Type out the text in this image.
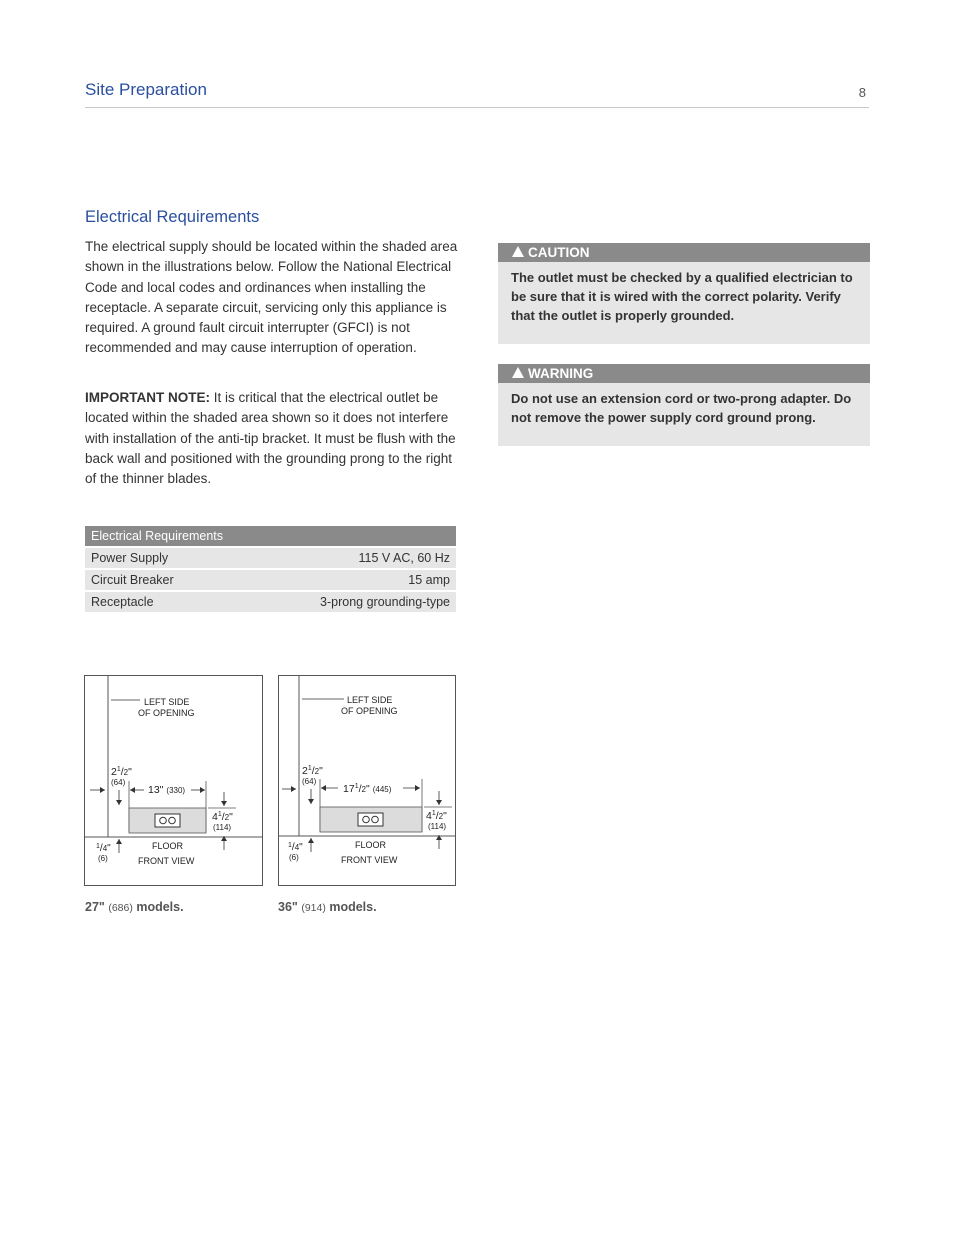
Site Preparation	8
Electrical Requirements
The electrical supply should be located within the shaded area shown in the illustrations below. Follow the National Electrical Code and local codes and ordinances when installing the receptacle. A separate circuit, servicing only this appliance is required. A ground fault circuit interrupter (GFCI) is not recommended and may cause interruption of operation.
IMPORTANT NOTE: It is critical that the electrical outlet be located within the shaded area shown so it does not interfere with installation of the anti-tip bracket. It must be flush with the back wall and positioned with the grounding prong to the right of the thinner blades.
Electrical Requirements	
Power Supply	115 V AC, 60 Hz
Circuit Breaker	15 amp
Receptacle	3-prong grounding-type
CAUTION
The outlet must be checked by a qualified electrician to be sure that it is wired with the correct polarity. Verify that the outlet is properly grounded.
WARNING
Do not use an extension cord or two-prong adapter. Do not remove the power supply cord ground prong.
LEFT SIDE
OF OPENING
$2^1/2$"
(64)
13" (330)
$4^1/2$"
(114)
$^1$/4"
(6)
FLOOR
FRONT VIEW
LEFT SIDE
OF OPENING
$2^1/2$"
(64)
$17^1/2$" (445)
$4^1/2$"
(114)
$^1$/4"
(6)
FLOOR
FRONT VIEW
27" (686) models.	36" (914) models.
